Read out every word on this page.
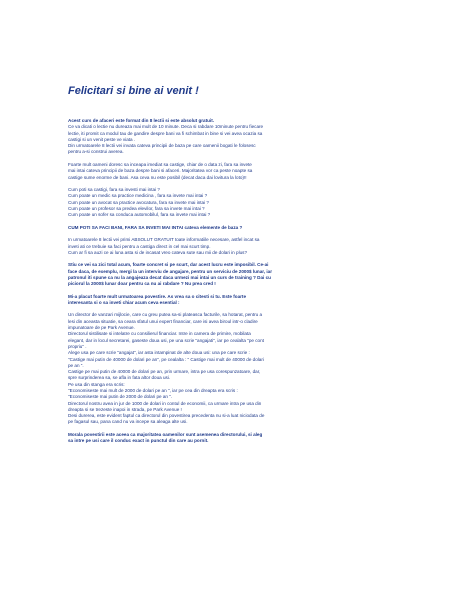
Felicitari si bine ai venit !

Acest curs de afaceri este format din 8 lectii si este absolut gratuit.

Ce va dicati o lectie nu dureaza mai mult de 10 minute. Deca si rabdare 10minute pentru fiecare
lectie, iti promit ca modul tau de gandire despre bani va fi schimbat in bine si vei avea ocazia sa
castigi si un venit peste ve viata .
Din urmatoarele 8 lectii vei invata cateva principii de baza pe care oamenii bogati le folosesc
pentru a-si construi averea.

Foarte mult oameni doresc sa inceapa imediat sa castige, chiar de o data zi, fara sa invete
mai intai cateva principii de baza despre bani si afaceri. Majoritatea vor ca peste noapte sa
castige sume enorme de bani. Asa ceva nu este posibil (decat daca dai lovitura la loto)!!

Cum poti sa castigi, fara sa investi mai intai ?
Cum poate un medic sa practice medicina , fara sa invete mai intai ?
Cum poate un avocat sa practice avocatura, fara sa invete mai intai ?
Cum poate un profesor sa predea elevilor, fara sa invete mai intai ?
Cum poate un sofer sa conduca automobilul, fara sa invete mai intai ?

CUM POTI SA FACI BANI, FARA SA INVETI MAI INTAI cateva elemente de baza ?

In urmatoarele 8 lectii vei primi ABSOLUT GRATUIT toate informatiile necesare, astfel incat sa
inveti ati ce trebuie sa faci pentru a castiga direct in cel mai scurt timp.
Cum ar fi sa auzi ce ai luna asta si de incasat vreo cateva sute sau mii de dolari in plus?

Stiu ce vei sa zici total acum, foarte concret si pe scurt, dar acest lucru este imposibil. Ce-ai
face daca, de exemplu, mergi la un interviu de angajare, pentru un serviciu de 2000$ lunar, iar
patronul iti spune ca nu la angajeaza decat daca urmezi mai intai un curs de training ? Dai cu
piciorul la 2000$ lunar doar pentru ca nu ai rabdare ? Nu prea cred !

Mi-a placut foarte mult urmatoarea povestire. As vrea sa o citesti si tu. Este foarte
interesanta si o sa inveti chiar acum ceva esential :

Un director de vanzari mijlocie, care cu greu putea sa-si plateasca facturile, sa hotarat, pentru a
lesi din aceasta situatie, sa ceara sfatul unui expert financiar, care isi avea biroul intr-o cladire
impunatoare de pe Park Avenue.
Directorul sistilisate si intelatre cu consilierul financiar. Intre in camera de primire, mobilata
elegant, dar in locul secretarei, gaseste doua usi, pe una scrie "angajati", iar pe cealalta "pe cont
propriu" .
Alege usa pe care scrie "angajat", iar asta intampinat de alte doua usi: una pe care scrie :
"Castige mai putin de 40000 de dolari pe an", pe cealalta : " Castige mai mult de 40000 de dolari
pe an ".
Castige pe mai putin de 40000 de dolari pe an, prin urmare, intra pe usa corespunzatoare, dar,
spre surprinderea sa, se afla in fata altor doua usi.
Pe usa din stanga era scris:
"Economiseste mai mult de 2000 de dolari pe an ", iar pe cea din dreapta era scris :
"Economiseste mai putin de 2000 de dolari pe an ".
Directorul nostru avea in jur de 1000 de dolari in contul de economii, ca urmare intra pe usa din
dreapta si se trezeste inapoi in strada, pe Park Avenue !
Desi durerea, este evident faptul ca directorul din povestirea precedenta nu si-a luat niciodata de
pe fagasul sau, pana cand nu va incepe sa aleaga alte usi.

Morala povestirii este aceea ca majoritatea oamenilor sunt asemenea directorului, si aleg
sa intre pe usi care il conduc exact in punctul din care au pornit.
